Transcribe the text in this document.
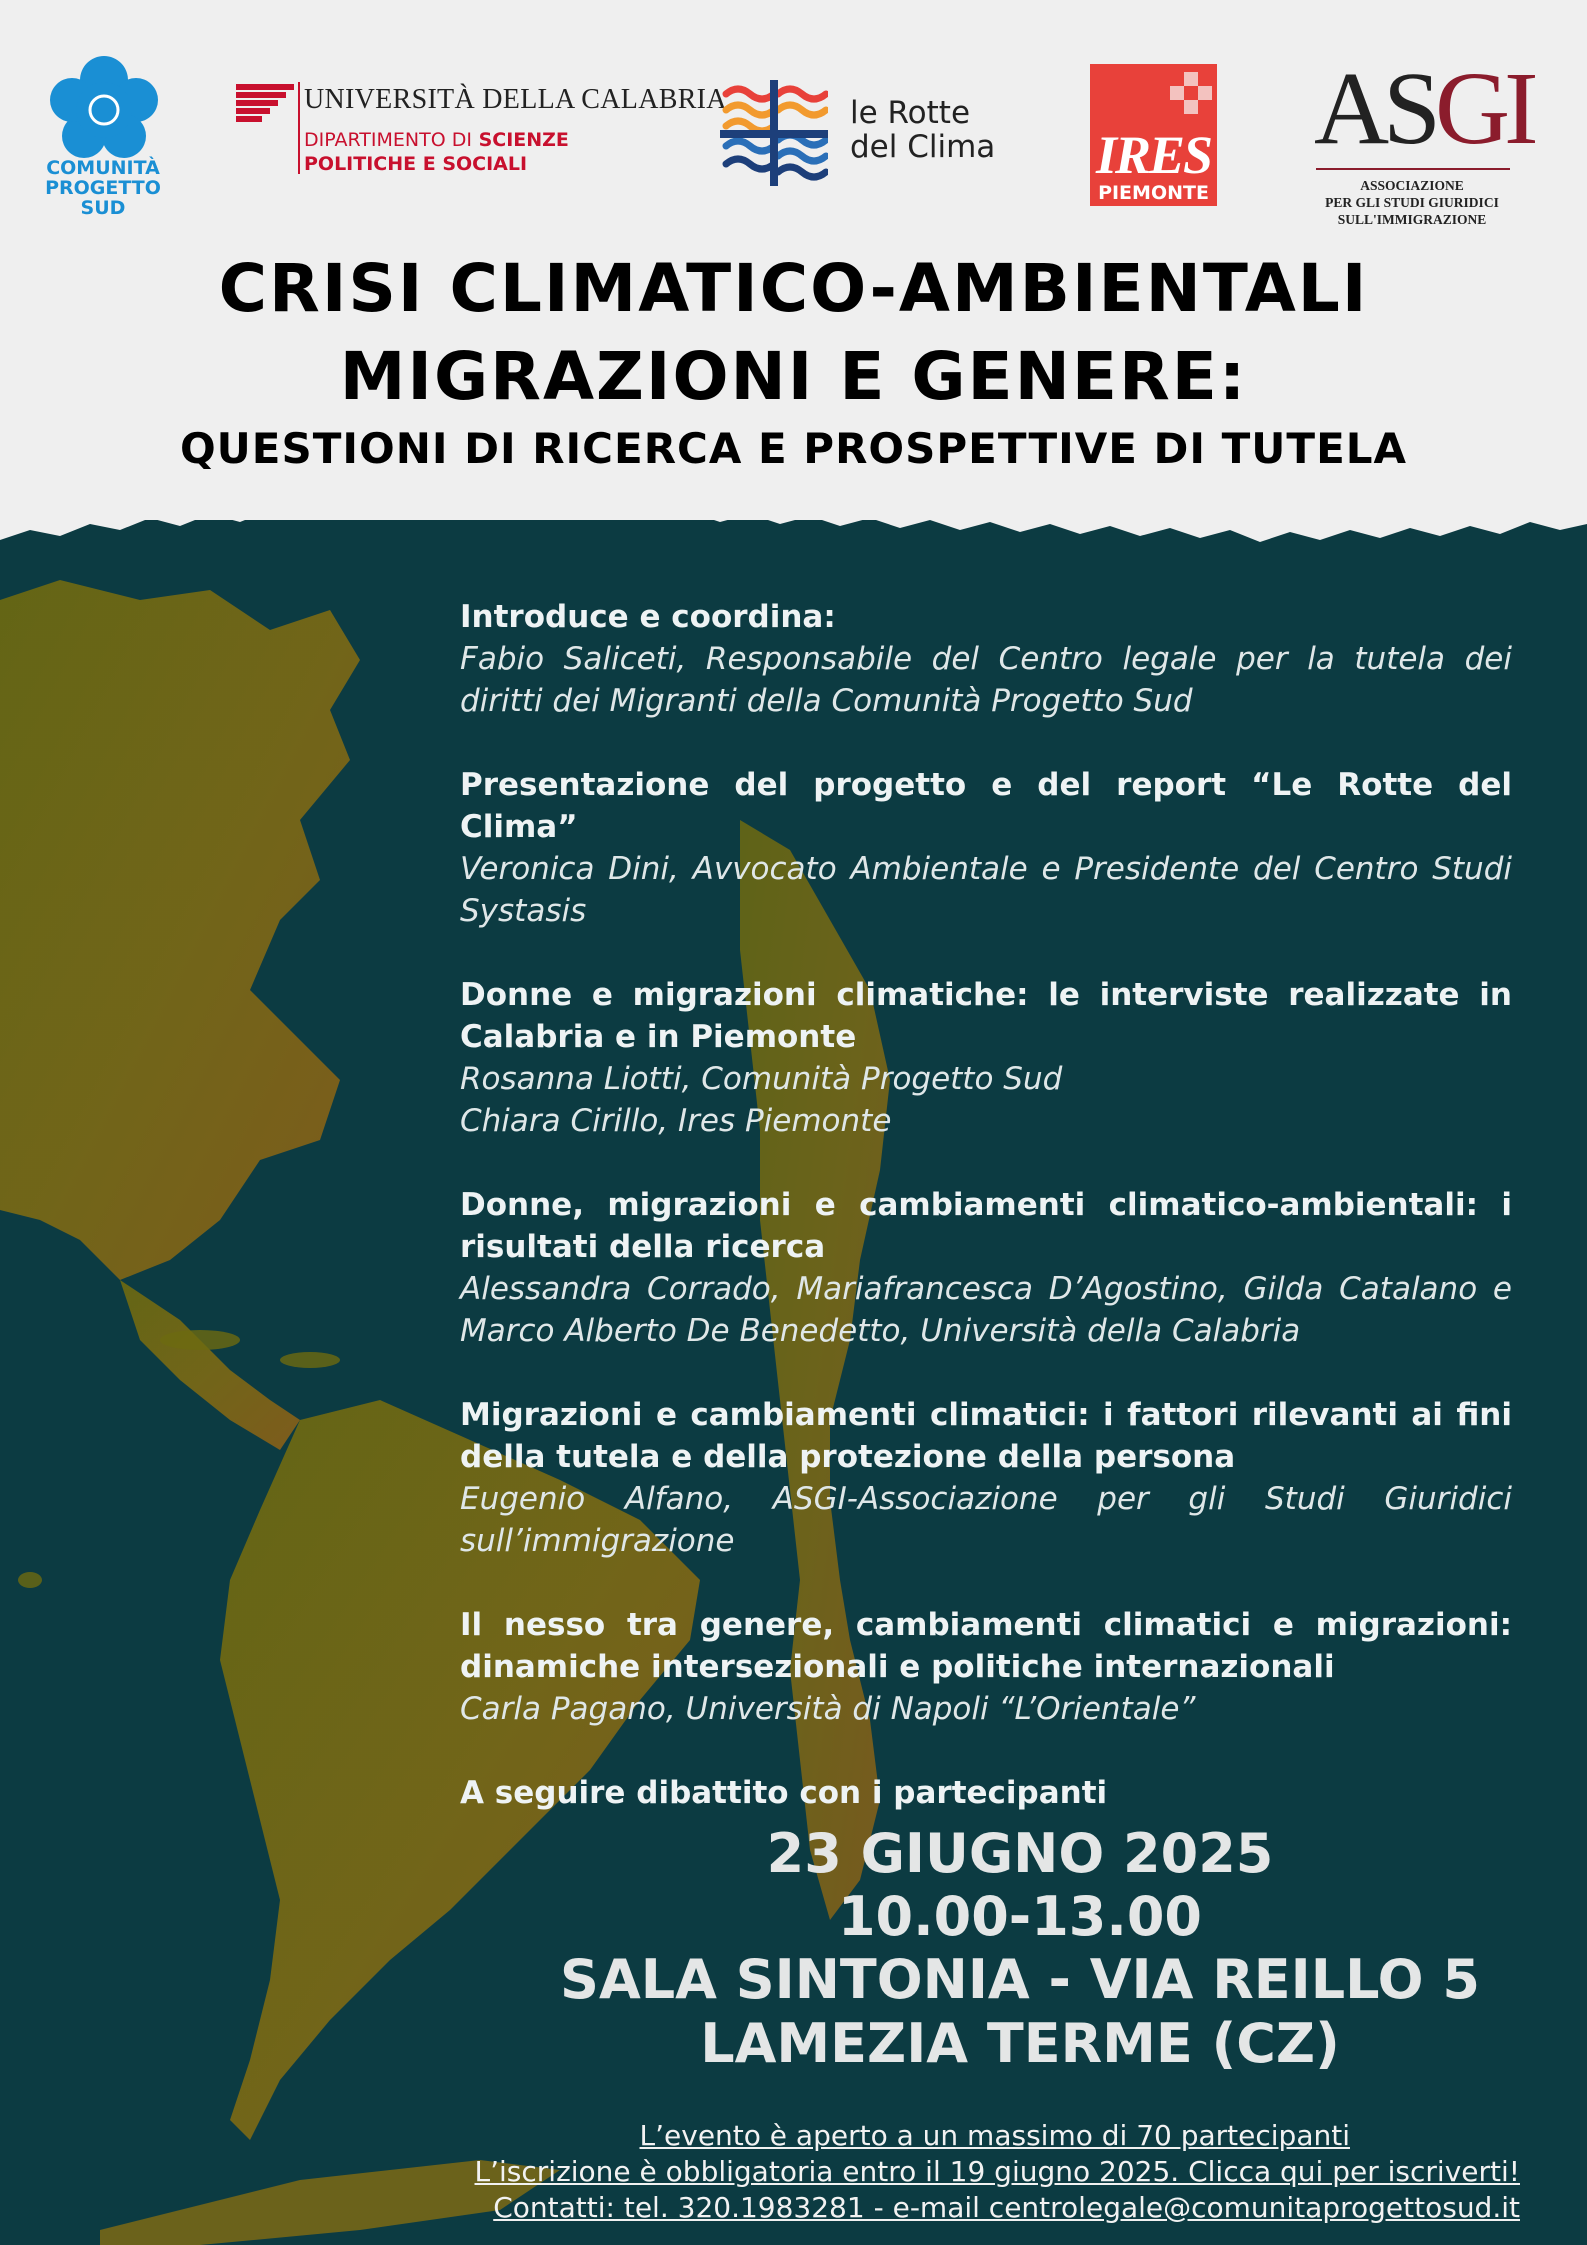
COMUNITÀ
PROGETTO
SUD
UNIVERSITÀ DELLA CALABRIA
DIPARTIMENTO DI SCIENZE
POLITICHE E SOCIALI
le Rotte
del Clima IRES
PIEMONTE
ASGI
ASSOCIAZIONE
PER GLI STUDI GIURIDICI
SULL'IMMIGRAZIONE
CRISI CLIMATICO-AMBIENTALI
MIGRAZIONI E GENERE:
QUESTIONI DI RICERCA E PROSPETTIVE DI TUTELA
Introduce e coordina:
Fabio Saliceti, Responsabile del Centro legale per la tutela dei diritti dei Migranti della Comunità Progetto Sud
Presentazione del progetto e del report “Le Rotte del Clima”
Veronica Dini, Avvocato Ambientale e Presidente del Centro Studi Systasis
Donne e migrazioni climatiche: le interviste realizzate in Calabria e in Piemonte
Rosanna Liotti, Comunità Progetto Sud
Chiara Cirillo, Ires Piemonte
Donne, migrazioni e cambiamenti climatico-ambientali: i risultati della ricerca
Alessandra Corrado, Mariafrancesca D’Agostino, Gilda Catalano e Marco Alberto De Benedetto, Università della Calabria
Migrazioni e cambiamenti climatici: i fattori rilevanti ai fini della tutela e della protezione della persona
Eugenio Alfano, ASGI-Associazione per gli Studi Giuridici sull’immigrazione
Il nesso tra genere, cambiamenti climatici e migrazioni: dinamiche intersezionali e politiche internazionali
Carla Pagano, Università di Napoli “L’Orientale”
A seguire dibattito con i partecipanti
23 GIUGNO 2025
10.00-13.00
SALA SINTONIA - VIA REILLO 5
LAMEZIA TERME (CZ)
L’evento è aperto a un massimo di 70 partecipanti
L’iscrizione è obbligatoria entro il 19 giugno 2025. Clicca qui per iscriverti!
Contatti: tel. 320.1983281 - e-mail centrolegale@comunitaprogettosud.it
